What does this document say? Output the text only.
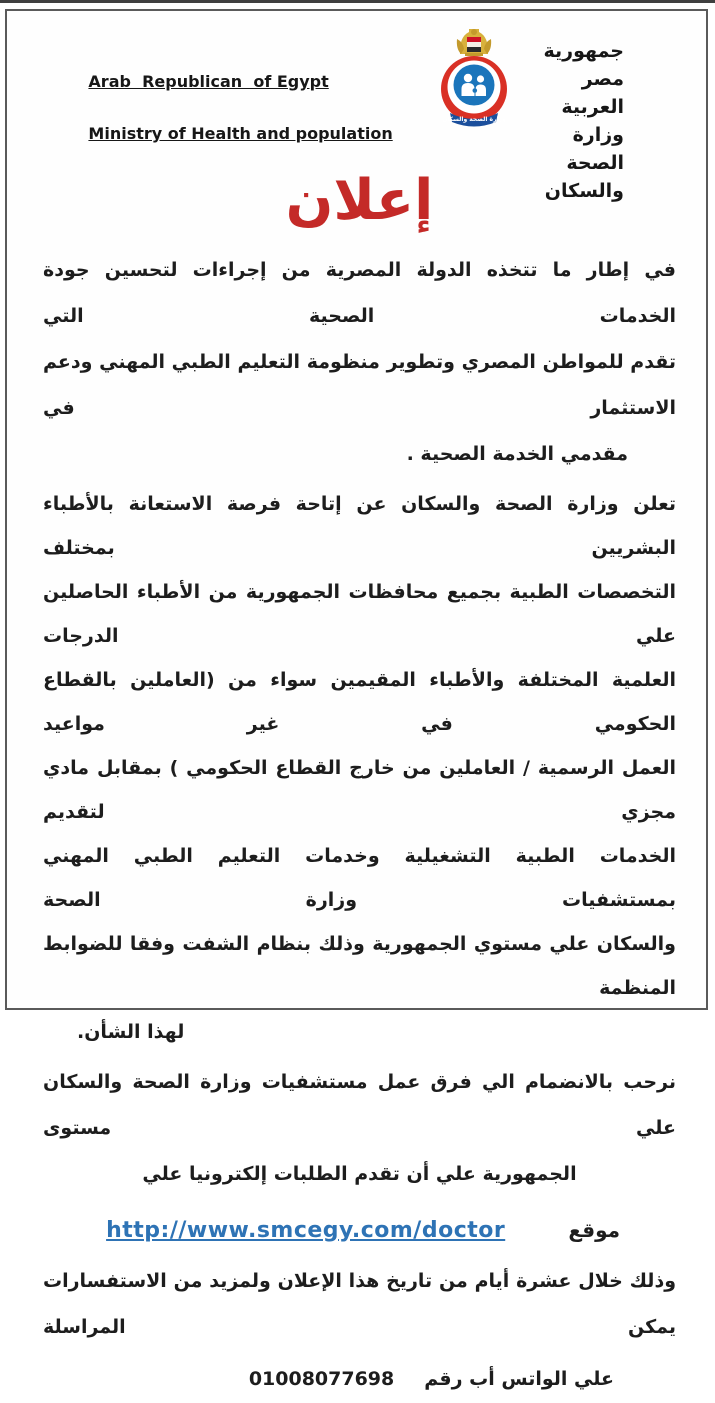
Arab  Republican  of Egypt

Ministry of Health and population

وزارة الصحة والسكان
جمهورية مصر العربية
وزارة الصحة والسكان
إعلان
في إطار ما تتخذه الدولة المصرية من إجراءات لتحسين جودة الخدمات الصحية التي
تقدم للمواطن المصري وتطوير منظومة التعليم الطبي المهني ودعم الاستثمار في
مقدمي الخدمة الصحية .
تعلن وزارة الصحة والسكان عن إتاحة فرصة الاستعانة بالأطباء البشريين بمختلف
التخصصات الطبية بجميع محافظات الجمهورية من الأطباء الحاصلين علي الدرجات
العلمية المختلفة والأطباء المقيمين سواء من (العاملين بالقطاع الحكومي في غير مواعيد
العمل الرسمية / العاملين من خارج القطاع الحكومي ) بمقابل مادي مجزي لتقديم
الخدمات الطبية التشغيلية وخدمات التعليم الطبي المهني بمستشفيات وزارة الصحة
والسكان علي مستوي الجمهورية وذلك بنظام الشفت وفقا للضوابط المنظمة
لهذا الشأن.
نرحب بالانضمام الي فرق عمل مستشفيات وزارة الصحة والسكان علي مستوى
الجمهورية علي أن تقدم الطلبات إلكترونيا علي
موقع
http://www.smcegy.com/doctor
وذلك خلال عشرة أيام من تاريخ هذا الإعلان ولمزيد من الاستفسارات يمكن المراسلة
علي الواتس أب رقم01008077698
